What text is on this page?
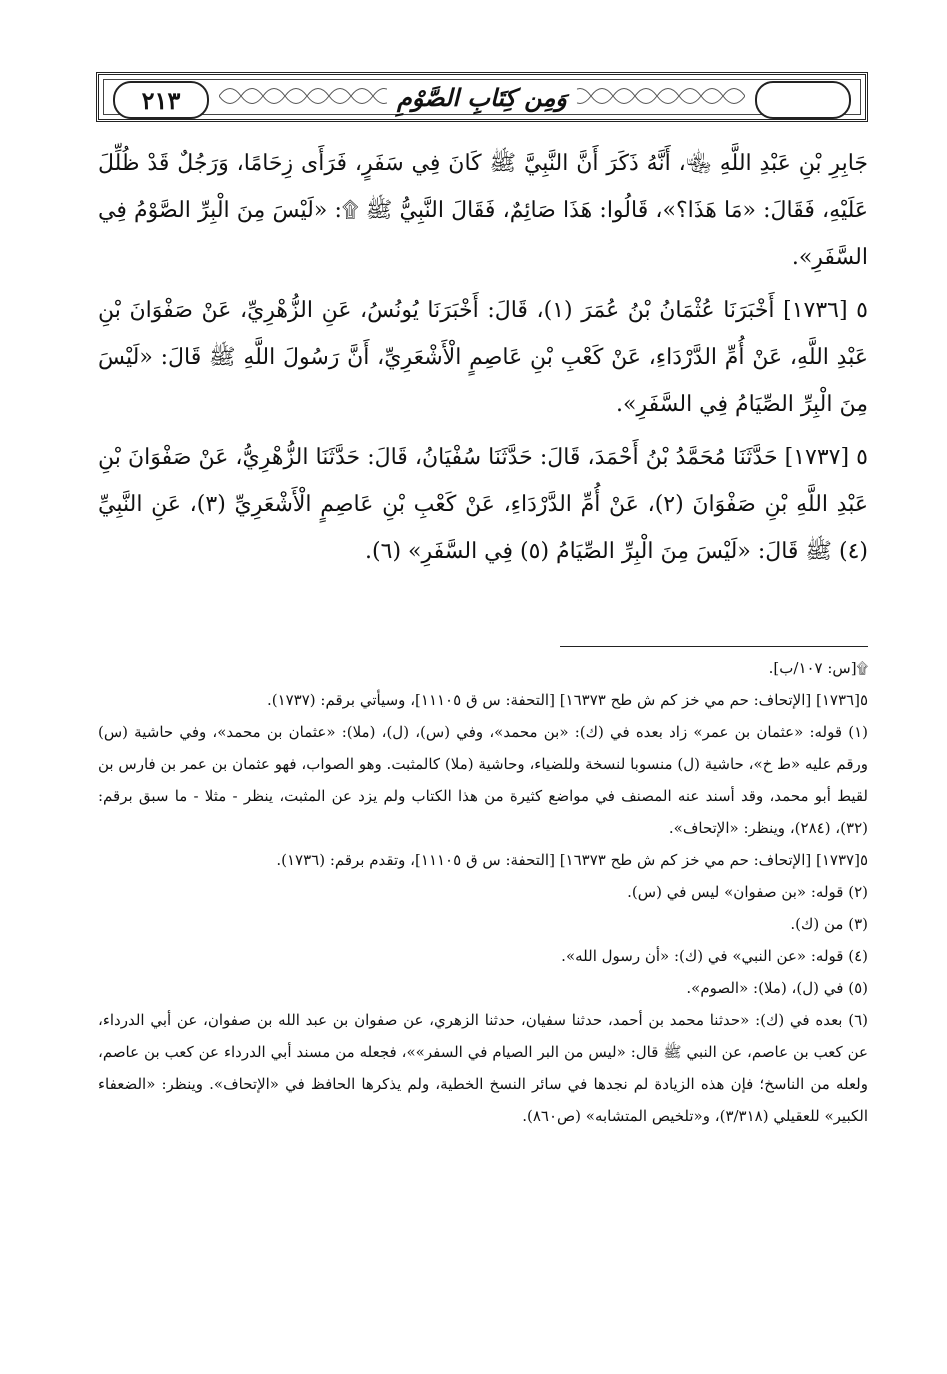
٢١٣	وَمِن كِتَابِ الصَّوْمِ

جَابِرِ بْنِ عَبْدِ اللَّهِ ﵄، أَنَّهُ ذَكَرَ أَنَّ النَّبِيَّ ﷺ كَانَ فِي سَفَرٍ، فَرَأَى زِحَامًا، وَرَجُلٌ قَدْ ظُلِّلَ عَلَيْهِ، فَقَالَ: «مَا هَذَا؟»، قَالُوا: هَذَا صَائِمٌ، فَقَالَ النَّبِيُّ ﷺ ۩: «لَيْسَ مِنَ الْبِرِّ الصَّوْمُ فِي السَّفَرِ».

٥ [١٧٣٦] أَخْبَرَنَا عُثْمَانُ بْنُ عُمَرَ (١)، قَالَ: أَخْبَرَنَا يُونُسُ، عَنِ الزُّهْرِيِّ، عَنْ صَفْوَانَ بْنِ عَبْدِ اللَّهِ، عَنْ أُمِّ الدَّرْدَاءِ، عَنْ كَعْبِ بْنِ عَاصِمٍ الْأَشْعَرِيِّ، أَنَّ رَسُولَ اللَّهِ ﷺ قَالَ: «لَيْسَ مِنَ الْبِرِّ الصِّيَامُ فِي السَّفَرِ».

٥ [١٧٣٧] حَدَّثَنَا مُحَمَّدُ بْنُ أَحْمَدَ، قَالَ: حَدَّثَنَا سُفْيَانُ، قَالَ: حَدَّثَنَا الزُّهْرِيُّ، عَنْ صَفْوَانَ بْنِ عَبْدِ اللَّهِ بْنِ صَفْوَانَ (٢)، عَنْ أُمِّ الدَّرْدَاءِ، عَنْ كَعْبِ بْنِ عَاصِمٍ الْأَشْعَرِيِّ (٣)، عَنِ النَّبِيِّ (٤) ﷺ قَالَ: «لَيْسَ مِنَ الْبِرِّ الصِّيَامُ (٥) فِي السَّفَرِ» (٦).

۩[س: ١٠٧/ب].

٥[١٧٣٦] [الإتحاف: حم مي خز كم ش طح ١٦٣٧٣] [التحفة: س ق ١١١٠٥]، وسيأتي برقم: (١٧٣٧).

(١) قوله: «عثمان بن عمر» زاد بعده في (ك): «بن محمد»، وفي (س)، (ل)، (ملا): «عثمان بن محمد»، وفي حاشية (س) ورقم عليه «ط خ»، حاشية (ل) منسوبا لنسخة وللضياء، وحاشية (ملا) كالمثبت. وهو الصواب، فهو عثمان بن عمر بن فارس بن لقيط أبو محمد، وقد أسند عنه المصنف في مواضع كثيرة من هذا الكتاب ولم يزد عن المثبت، ينظر - مثلا - ما سبق برقم: (٣٢)، (٢٨٤)، وينظر: «الإتحاف».

٥[١٧٣٧] [الإتحاف: حم مي خز كم ش طح ١٦٣٧٣] [التحفة: س ق ١١١٠٥]، وتقدم برقم: (١٧٣٦).

(٢) قوله: «بن صفوان» ليس في (س).

(٣) من (ك).

(٤) قوله: «عن النبي» في (ك): «أن رسول الله».

(٥) في (ل)، (ملا): «الصوم».

(٦) بعده في (ك): «حدثنا محمد بن أحمد، حدثنا سفيان، حدثنا الزهري، عن صفوان بن عبد الله بن صفوان، عن أبي الدرداء، عن كعب بن عاصم، عن النبي ﷺ قال: «ليس من البر الصيام في السفر»»، فجعله من مسند أبي الدرداء عن كعب بن عاصم، ولعله من الناسخ؛ فإن هذه الزيادة لم نجدها في سائر النسخ الخطية، ولم يذكرها الحافظ في «الإتحاف». وينظر: «الضعفاء الكبير» للعقيلي (٣/٣١٨)، و«تلخيص المتشابه» (ص٨٦٠).
